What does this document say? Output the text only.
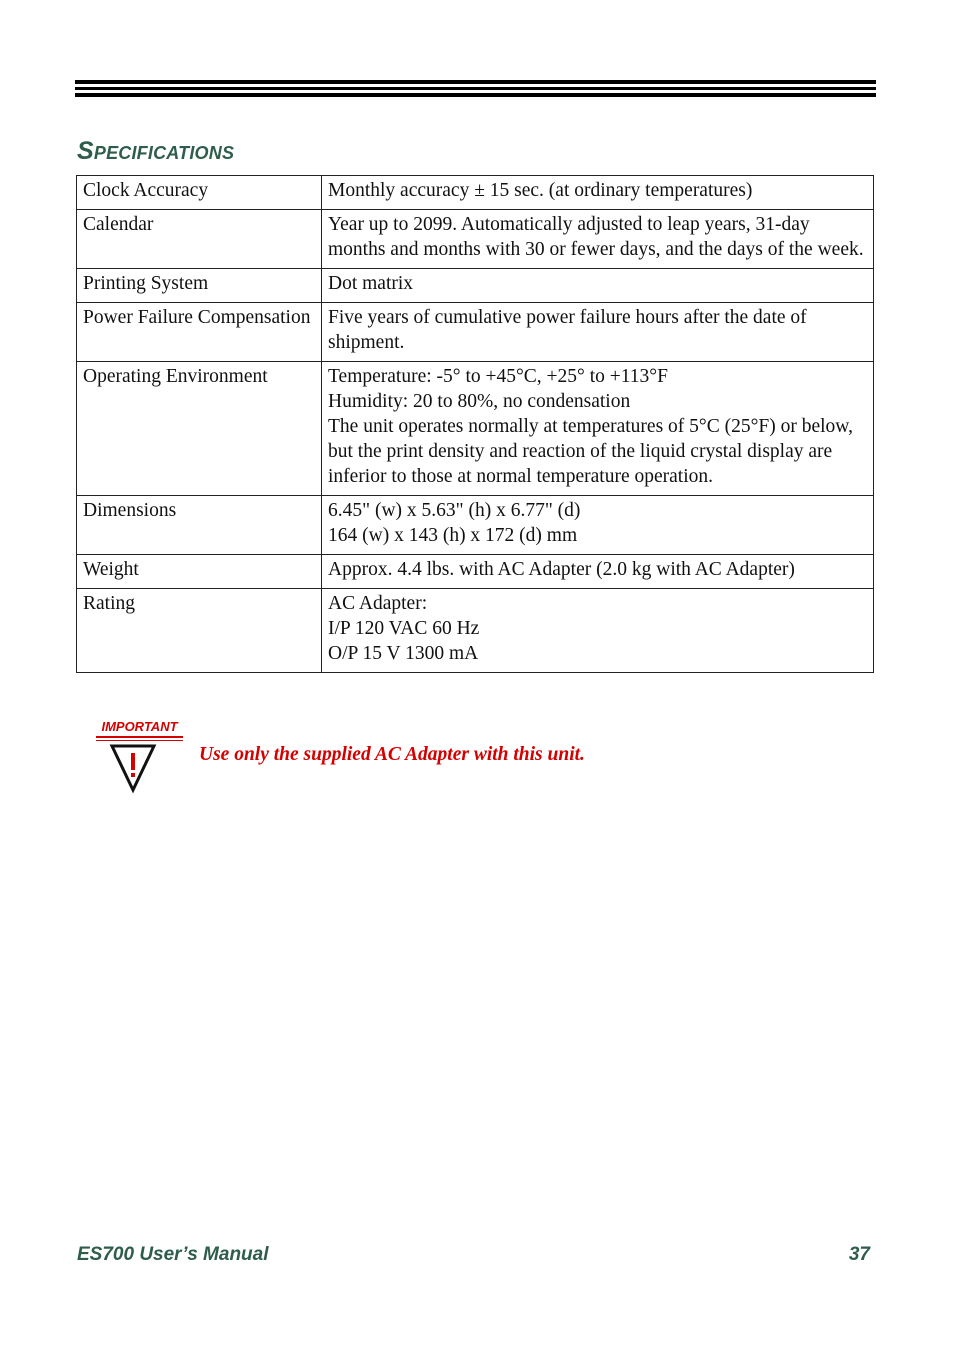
Specifications
Clock Accuracy	Monthly accuracy ± 15 sec. (at ordinary temperatures)

Calendar	Year up to 2099. Automatically adjusted to leap years, 31-day months and months with 30 or fewer days, and the days of the week.

Printing System	Dot matrix

Power Failure Compensation	Five years of cumulative power failure hours after the date of shipment.

Operating Environment	Temperature: -5° to +45°C, +25° to +113°F
Humidity: 20 to 80%, no condensation
The unit operates normally at temperatures of 5°C (25°F) or below, but the print density and reaction of the liquid crystal display are inferior to those at normal temperature operation.

Dimensions	6.45" (w) x 5.63" (h) x 6.77" (d)
164 (w) x 143 (h) x 172 (d) mm

Weight	Approx. 4.4 lbs. with AC Adapter (2.0 kg with AC Adapter)

Rating	AC Adapter:
I/P 120 VAC 60 Hz
O/P 15 V 1300 mA
IMPORTANT

Use only the supplied AC Adapter with this unit.

ES700 User’s Manual	37
